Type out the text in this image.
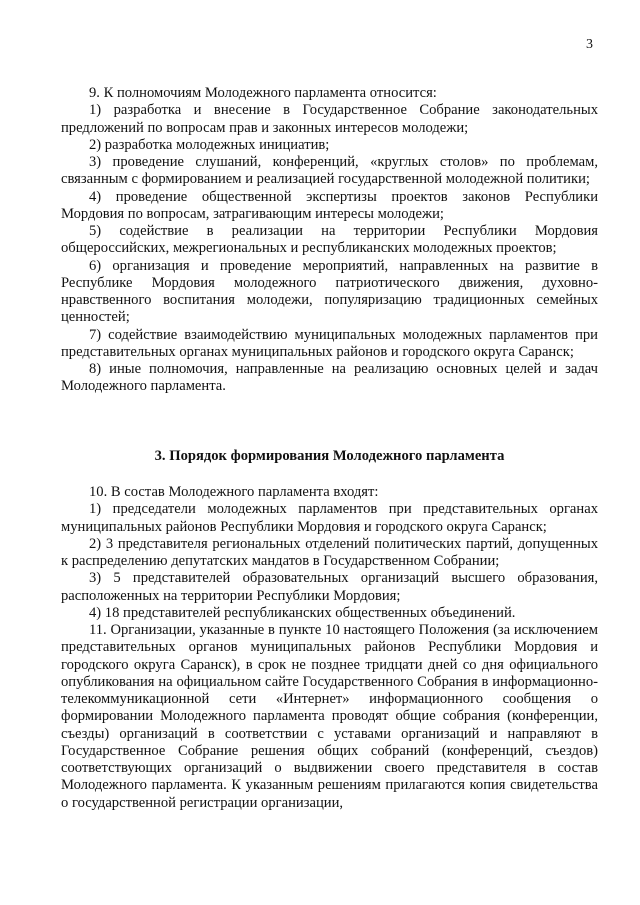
3

9. К полномочиям Молодежного парламента относится:

1) разработка и внесение в Государственное Собрание законодательных предложений по вопросам прав и законных интересов молодежи;

2) разработка молодежных инициатив;

3) проведение слушаний, конференций, «круглых столов» по проблемам, связанным с формированием и реализацией государственной молодежной политики;

4) проведение общественной экспертизы проектов законов Республики Мордовия по вопросам, затрагивающим интересы молодежи;

5) содействие в реализации на территории Республики Мордовия общероссийских, межрегиональных и республиканских молодежных проектов;

6) организация и проведение мероприятий, направленных на развитие в Республике Мордовия молодежного патриотического движения, духовно-нравственного воспитания молодежи, популяризацию традиционных семейных ценностей;

7) содействие взаимодействию муниципальных молодежных парламентов при представительных органах муниципальных районов и городского округа Саранск;

8) иные полномочия, направленные на реализацию основных целей и задач Молодежного парламента.

3. Порядок формирования Молодежного парламента

10. В состав Молодежного парламента входят:

1) председатели молодежных парламентов при представительных органах муниципальных районов Республики Мордовия и городского округа Саранск;

2) 3 представителя региональных отделений политических партий, допущенных к распределению депутатских мандатов в Государственном Собрании;

3) 5 представителей образовательных организаций высшего образования, расположенных на территории Республики Мордовия;

4) 18 представителей республиканских общественных объединений.

11. Организации, указанные в пункте 10 настоящего Положения (за исключением представительных органов муниципальных районов Республики Мордовия и городского округа Саранск), в срок не позднее тридцати дней со дня официального опубликования на официальном сайте Государственного Собрания в информационно-телекоммуникационной сети «Интернет» информационного сообщения о формировании Молодежного парламента проводят общие собрания (конференции, съезды) организаций в соответствии с уставами организаций и направляют в Государственное Собрание решения общих собраний (конференций, съездов) соответствующих организаций о выдвижении своего представителя в состав Молодежного парламента. К указанным решениям прилагаются копия свидетельства о государственной регистрации организации,
